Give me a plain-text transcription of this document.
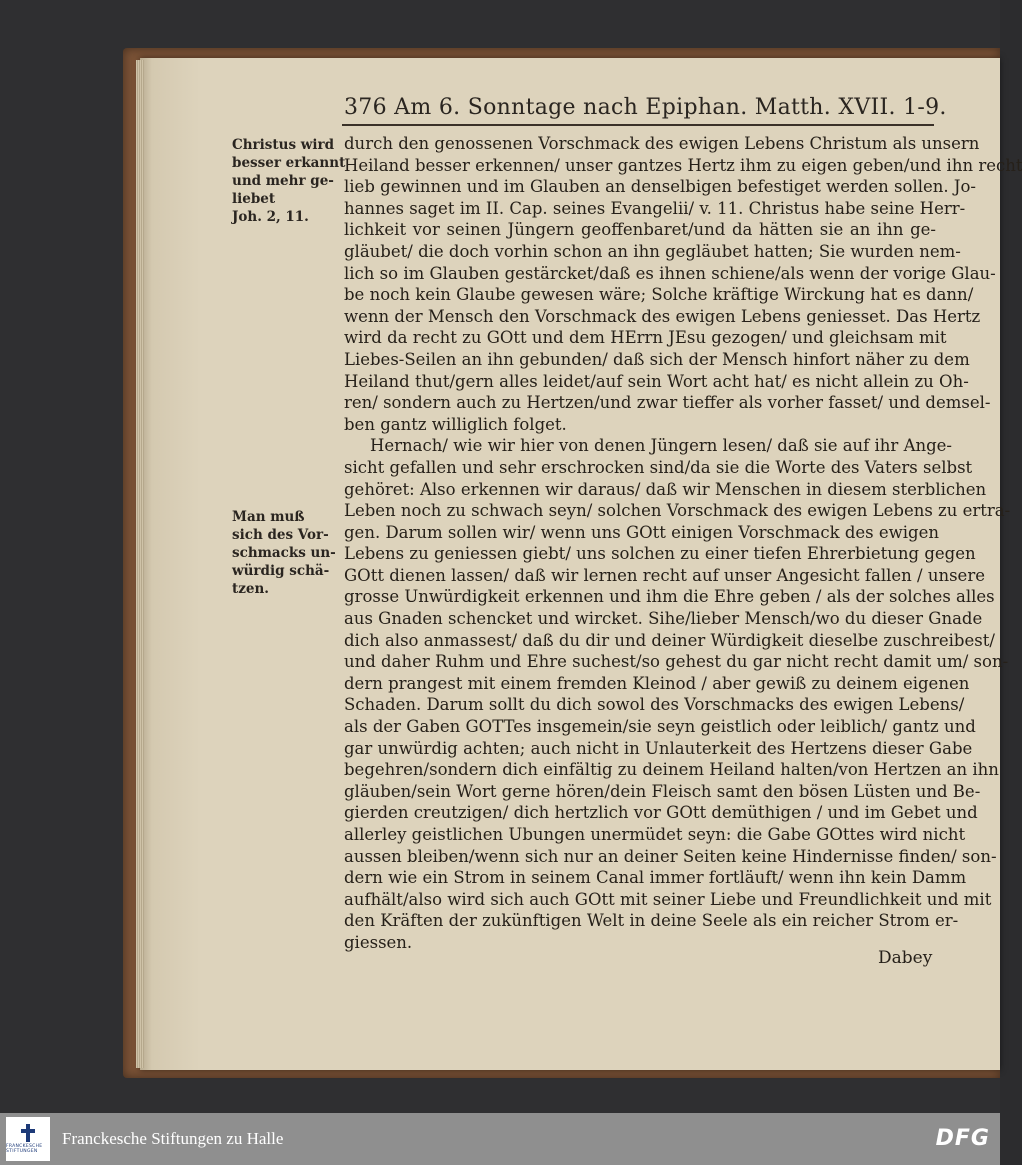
376 Am 6. Sonntage nach Epiphan. Matth. XVII. 1-9.
Christus wird
besser erkannt
und mehr ge-
liebet
Joh. 2, 11.
Man muß
sich des Vor-
schmacks un-
würdig schä-
tzen.
durch den genossenen Vorschmack des ewigen Lebens Christum als unsern
Heiland besser erkennen/ unser gantzes Hertz ihm zu eigen geben/und ihn recht
lieb gewinnen und im Glauben an denselbigen befestiget werden sollen. Jo-
hannes saget im II. Cap. seines Evangelii/ v. 11. Christus habe seine Herr-
lichkeit vor seinen Jüngern geoffenbaret/und da hätten sie an ihn ge-
gläubet/ die doch vorhin schon an ihn gegläubet hatten; Sie wurden nem-
lich so im Glauben gestärcket/daß es ihnen schiene/als wenn der vorige Glau-
be noch kein Glaube gewesen wäre; Solche kräftige Wirckung hat es dann/
wenn der Mensch den Vorschmack des ewigen Lebens geniesset. Das Hertz
wird da recht zu GOtt und dem HErrn JEsu gezogen/ und gleichsam mit
Liebes-Seilen an ihn gebunden/ daß sich der Mensch hinfort näher zu dem
Heiland thut/gern alles leidet/auf sein Wort acht hat/ es nicht allein zu Oh-
ren/ sondern auch zu Hertzen/und zwar tieffer als vorher fasset/ und demsel-
ben gantz williglich folget.
Hernach/ wie wir hier von denen Jüngern lesen/ daß sie auf ihr Ange-
sicht gefallen und sehr erschrocken sind/da sie die Worte des Vaters selbst
gehöret: Also erkennen wir daraus/ daß wir Menschen in diesem sterblichen
Leben noch zu schwach seyn/ solchen Vorschmack des ewigen Lebens zu ertra-
gen. Darum sollen wir/ wenn uns GOtt einigen Vorschmack des ewigen
Lebens zu geniessen giebt/ uns solchen zu einer tiefen Ehrerbietung gegen
GOtt dienen lassen/ daß wir lernen recht auf unser Angesicht fallen / unsere
grosse Unwürdigkeit erkennen und ihm die Ehre geben / als der solches alles
aus Gnaden schencket und wircket. Sihe/lieber Mensch/wo du dieser Gnade
dich also anmassest/ daß du dir und deiner Würdigkeit dieselbe zuschreibest/
und daher Ruhm und Ehre suchest/so gehest du gar nicht recht damit um/ son-
dern prangest mit einem fremden Kleinod / aber gewiß zu deinem eigenen
Schaden. Darum sollt du dich sowol des Vorschmacks des ewigen Lebens/
als der Gaben GOTTes insgemein/sie seyn geistlich oder leiblich/ gantz und
gar unwürdig achten; auch nicht in Unlauterkeit des Hertzens dieser Gabe
begehren/sondern dich einfältig zu deinem Heiland halten/von Hertzen an ihn
gläuben/sein Wort gerne hören/dein Fleisch samt den bösen Lüsten und Be-
gierden creutzigen/ dich hertzlich vor GOtt demüthigen / und im Gebet und
allerley geistlichen Ubungen unermüdet seyn: die Gabe GOttes wird nicht
aussen bleiben/wenn sich nur an deiner Seiten keine Hindernisse finden/ son-
dern wie ein Strom in seinem Canal immer fortläuft/ wenn ihn kein Damm
aufhält/also wird sich auch GOtt mit seiner Liebe und Freundlichkeit und mit
den Kräften der zukünftigen Welt in deine Seele als ein reicher Strom er-
giessen.
Dabey
FRANCKESCHE STIFTUNGEN
Franckesche Stiftungen zu Halle	DFG
